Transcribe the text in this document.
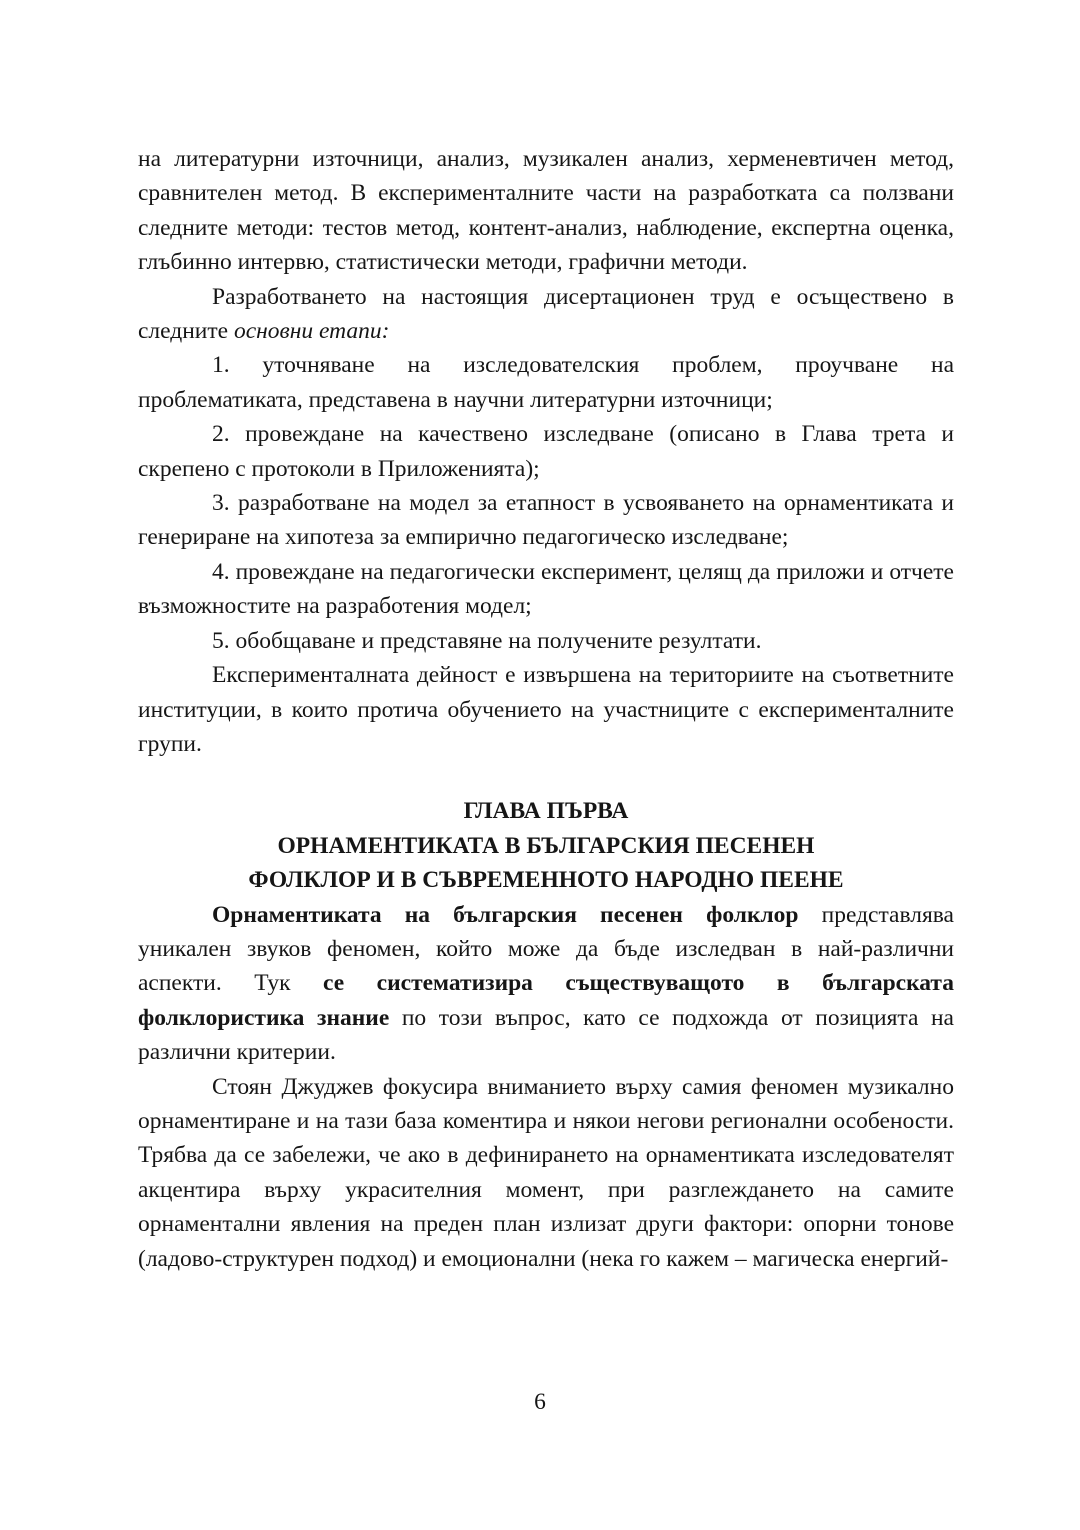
на литературни източници, анализ, музикален анализ, херменевтичен метод, сравнителен метод. В експерименталните части на разработката са ползвани следните методи: тестов метод, контент-анализ, наблюдение, експертна оценка, глъбинно интервю, статистически методи, графични методи.

Разработването на настоящия дисертационен труд е осъществено в следните основни етапи:

1. уточняване на изследователския проблем, проучване на проблематиката, представена в научни литературни източници;

2. провеждане на качествено изследване (описано в Глава трета и скрепено с протоколи в Приложенията);

3. разработване на модел за етапност в усвояването на орнаментиката и генериране на хипотеза за емпирично педагогическо изследване;

4. провеждане на педагогически експеримент, целящ да приложи и отчете възможностите на разработения модел;

5. обобщаване и представяне на получените резултати.

Експерименталната дейност е извършена на териториите на съответните институции, в които протича обучението на участниците с експерименталните групи.

ГЛАВА ПЪРВА
ОРНАМЕНТИКАТА В БЪЛГАРСКИЯ ПЕСЕНЕН
ФОЛКЛОР И В СЪВРЕМЕННОТО НАРОДНО ПЕЕНЕ

Орнаментиката на българския песенен фолклор представлява уникален звуков феномен, който може да бъде изследван в най-различни аспекти. Тук се систематизира съществуващото в българската фолклористика знание по този въпрос, като се подхожда от позицията на различни критерии.

Стоян Джуджев фокусира вниманието върху самия феномен музикално орнаментиране и на тази база коментира и някои негови регионални особености. Трябва да се забележи, че ако в дефинирането на орнаментиката изследователят акцентира върху украсителния момент, при разглеждането на самите орнаментални явления на преден план излизат други фактори: опорни тонове (ладово-структурен подход) и емоционални (нека го кажем – магическа енергий-

6
